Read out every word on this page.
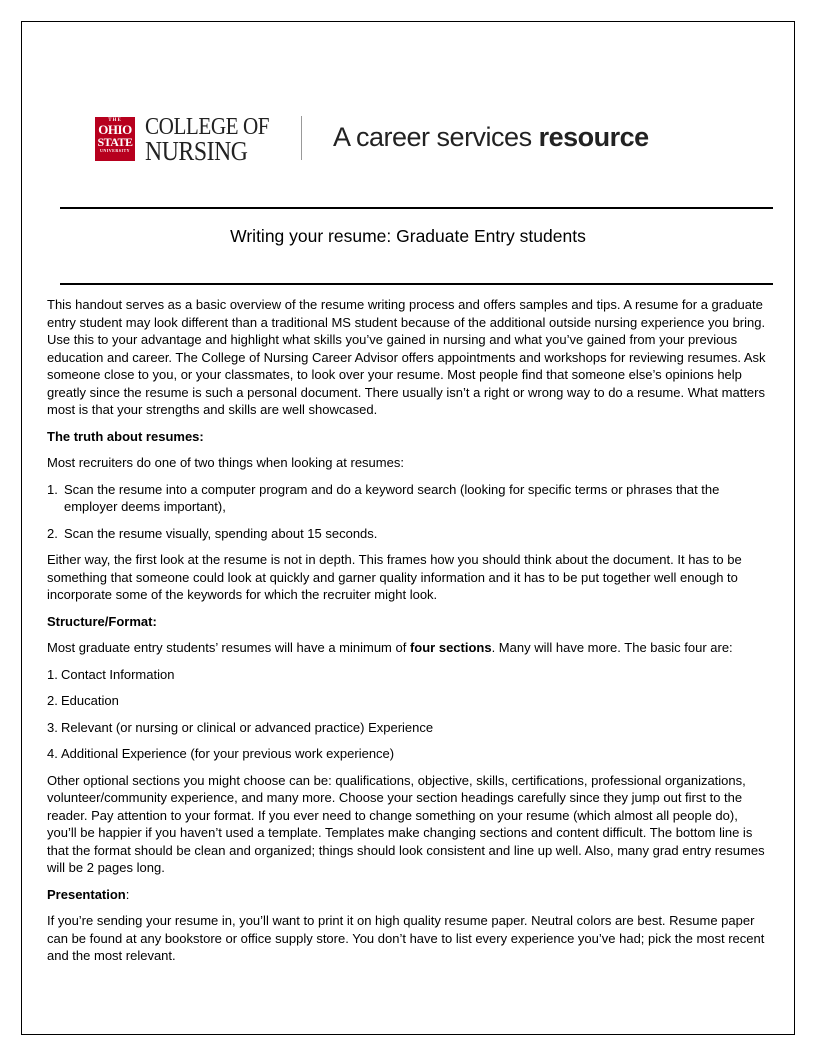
THE
OHIO
STATE
UNIVERSITY
COLLEGE OF
NURSING	A career services resource
Writing your resume: Graduate Entry students

This handout serves as a basic overview of the resume writing process and offers samples and tips. A resume for a graduate entry student may look different than a traditional MS student because of the additional outside nursing experience you bring. Use this to your advantage and highlight what skills you’ve gained in nursing and what you’ve gained from your previous education and career. The College of Nursing Career Advisor offers appointments and workshops for reviewing resumes. Ask someone close to you, or your classmates, to look over your resume. Most people find that someone else’s opinions help greatly since the resume is such a personal document. There usually isn’t a right or wrong way to do a resume. What matters most is that your strengths and skills are well showcased.

The truth about resumes:

Most recruiters do one of two things when looking at resumes:

1. Scan the resume into a computer program and do a keyword search (looking for specific terms or phrases that the employer deems important),
2. Scan the resume visually, spending about 15 seconds.

Either way, the first look at the resume is not in depth. This frames how you should think about the document. It has to be something that someone could look at quickly and garner quality information and it has to be put together well enough to incorporate some of the keywords for which the recruiter might look.

Structure/Format:

Most graduate entry students’ resumes will have a minimum of four sections. Many will have more. The basic four are:

1. Contact Information
2. Education
3. Relevant (or nursing or clinical or advanced practice) Experience
4. Additional Experience (for your previous work experience)

Other optional sections you might choose can be: qualifications, objective, skills, certifications, professional organizations, volunteer/community experience, and many more. Choose your section headings carefully since they jump out first to the reader. Pay attention to your format. If you ever need to change something on your resume (which almost all people do), you’ll be happier if you haven’t used a template. Templates make changing sections and content difficult. The bottom line is that the format should be clean and organized; things should look consistent and line up well. Also, many grad entry resumes will be 2 pages long.

Presentation:

If you’re sending your resume in, you’ll want to print it on high quality resume paper. Neutral colors are best. Resume paper can be found at any bookstore or office supply store. You don’t have to list every experience you’ve had; pick the most recent and the most relevant.
